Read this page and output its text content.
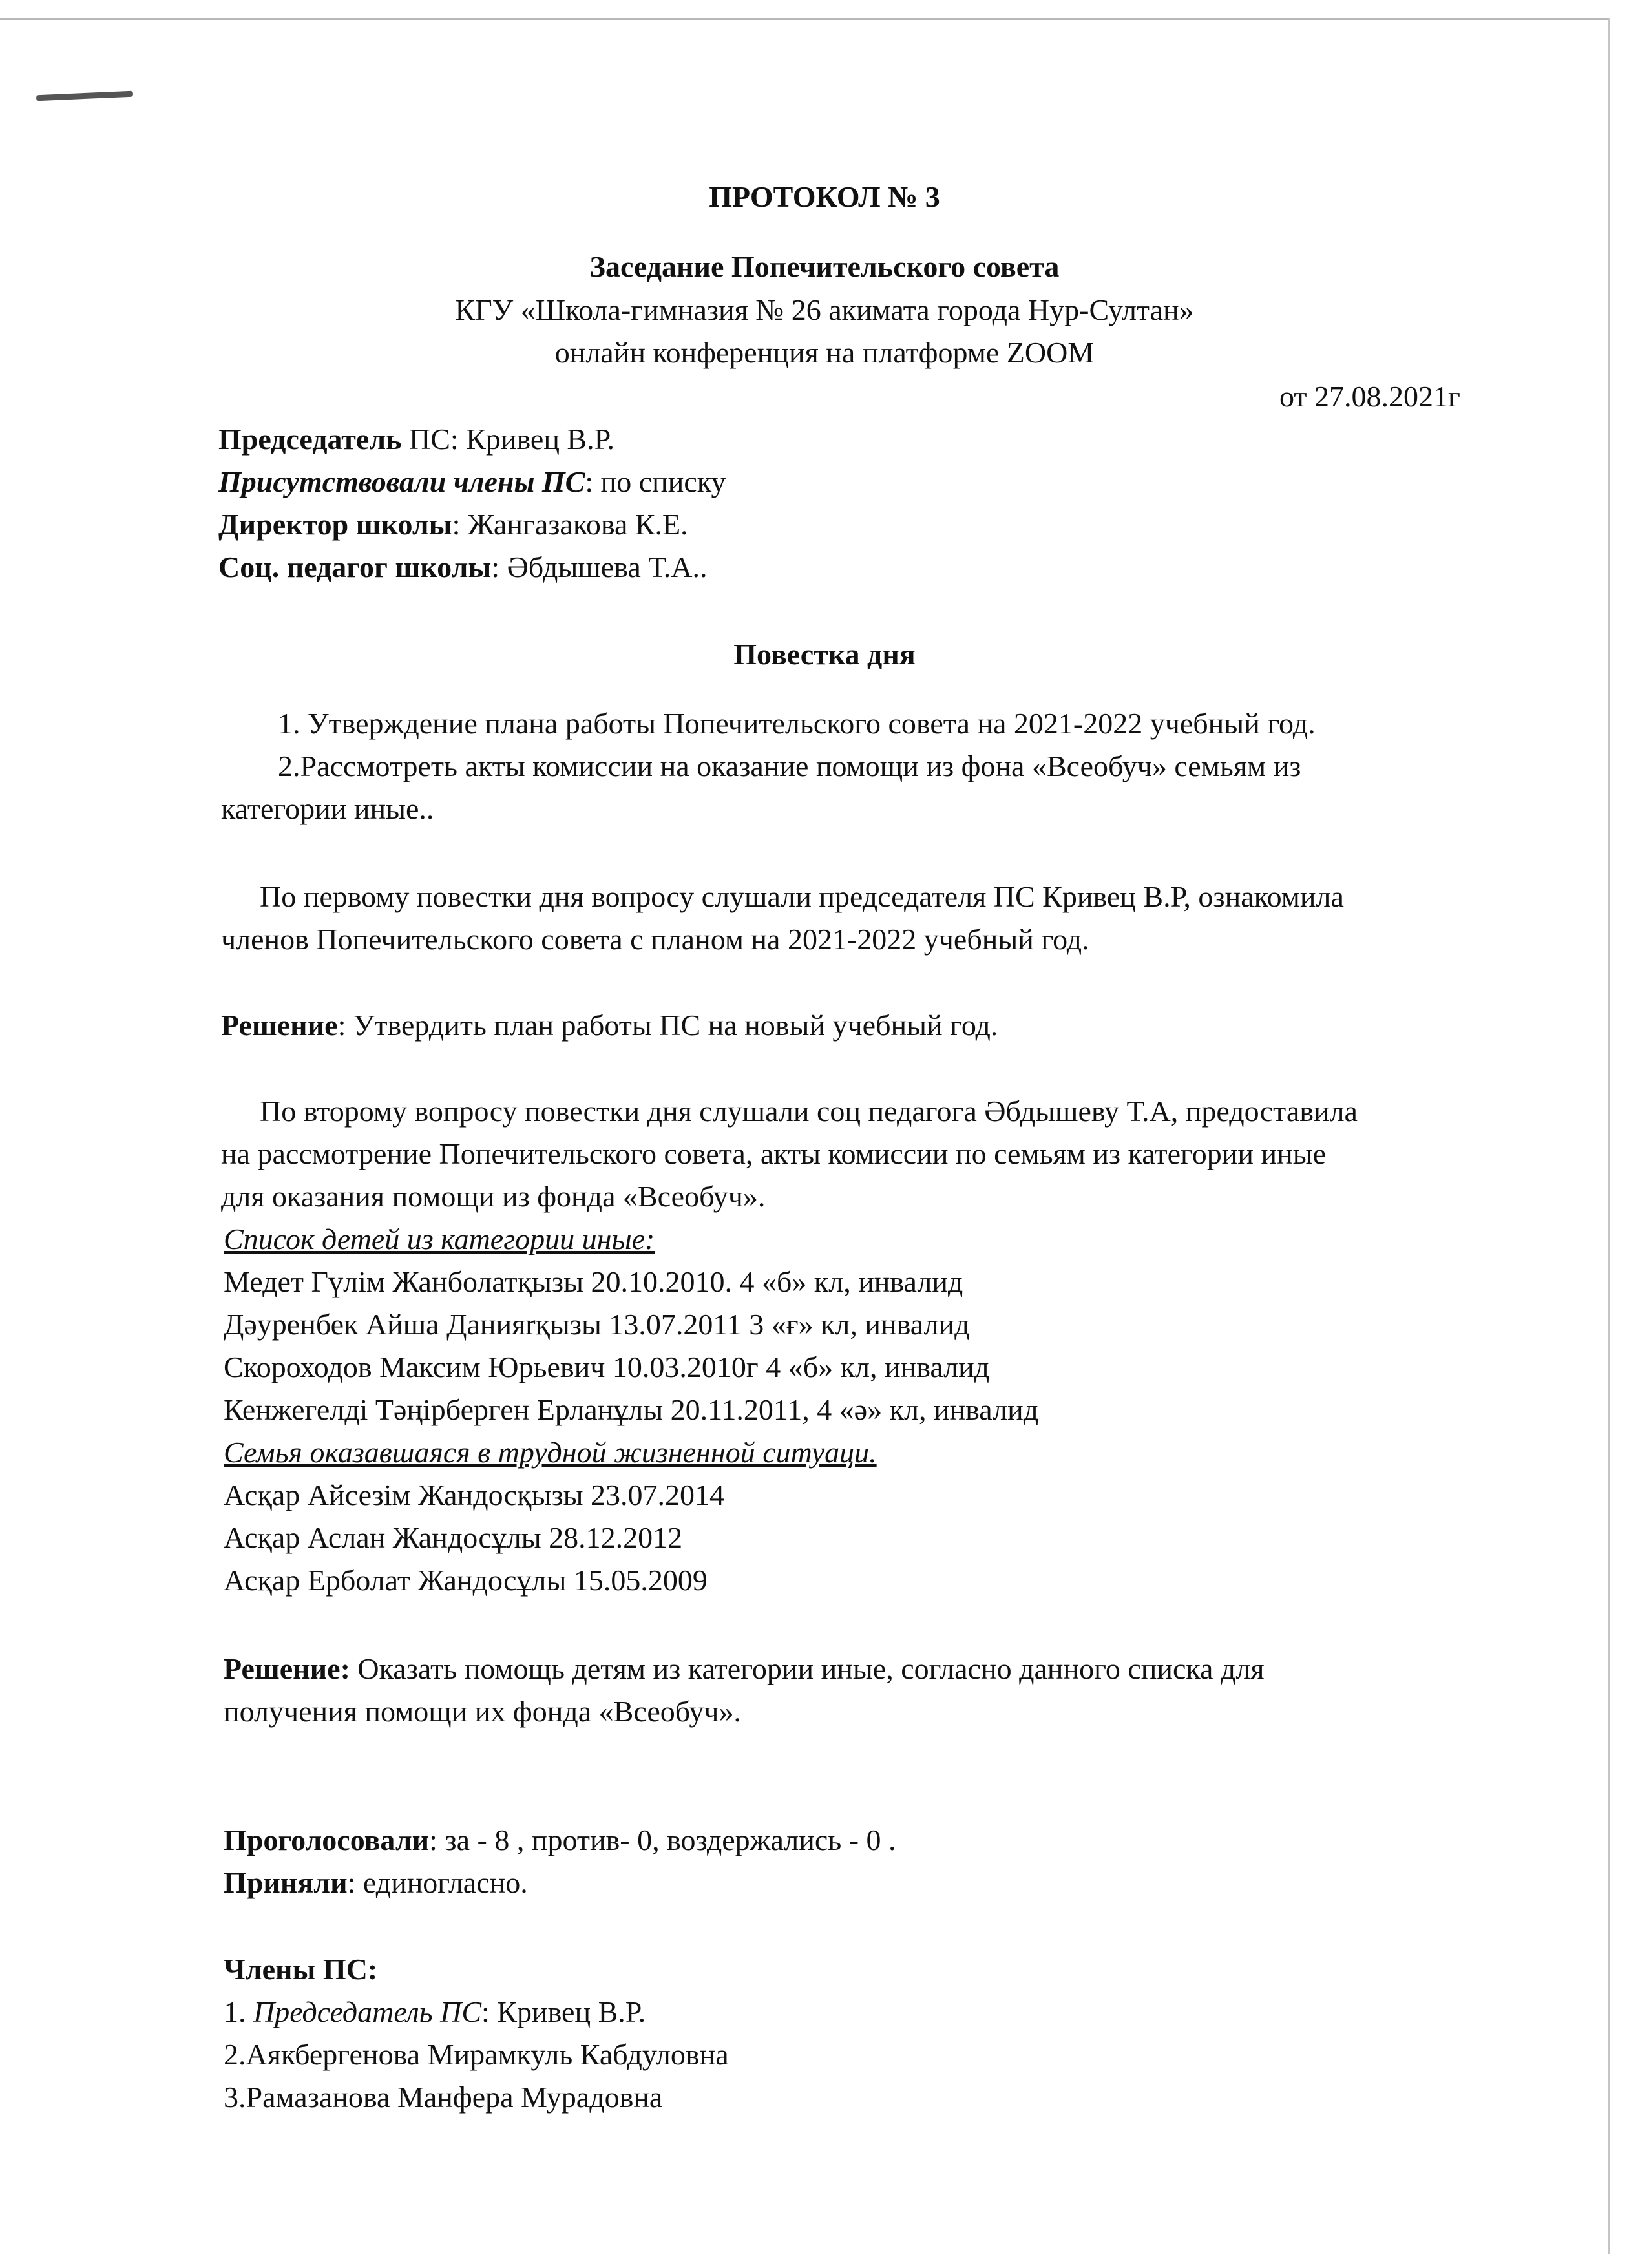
ПРОТОКОЛ № 3
Заседание Попечительского совета
КГУ «Школа-гимназия № 26 акимата города Нур-Султан»
онлайн конференция на платформе ZOOM
от 27.08.2021г
Председатель ПС: Кривец В.Р.
Присутствовали члены ПС: по списку
Директор школы: Жангазакова К.Е.
Соц. педагог школы: Әбдышева Т.А..
Повестка дня
1. Утверждение плана работы Попечительского совета на 2021-2022 учебный год.
2.Рассмотреть акты комиссии на оказание помощи из фона «Всеобуч» семьям из
категории иные..
По первому повестки дня вопросу слушали председателя ПС Кривец В.Р, ознакомила
членов Попечительского совета с планом на 2021-2022 учебный год.
Решение: Утвердить план работы ПС на новый учебный год.
По второму вопросу повестки дня слушали соц педагога Әбдышеву Т.А, предоставила
на рассмотрение Попечительского совета, акты комиссии по семьям из категории иные
для оказания помощи из фонда «Всеобуч».
Список детей из категории иные:
Медет Гүлім Жанболатқызы 20.10.2010. 4 «б» кл, инвалид
Дәуренбек Айша Данияrқызы 13.07.2011 3 «ғ» кл, инвалид
Скороходов Максим Юрьевич 10.03.2010г 4 «б» кл, инвалид
Кенжегелді Тәңірберген Ерланұлы 20.11.2011, 4 «ә» кл, инвалид
Семья оказавшаяся в трудной жизненной ситуаци.
Асқар Айсезім Жандосқызы 23.07.2014
Асқар Аслан Жандосұлы 28.12.2012
Асқар Ерболат Жандосұлы 15.05.2009
Решение: Оказать помощь детям из категории иные, согласно данного списка для
получения помощи их фонда «Всеобуч».
Проголосовали: за - 8 , против- 0, воздержались - 0 .
Приняли: единогласно.
Члены ПС:
1. Председатель ПС: Кривец В.Р.
2.Аякбергенова Мирамкуль Кабдуловна
3.Рамазанова Манфера Мурадовна
